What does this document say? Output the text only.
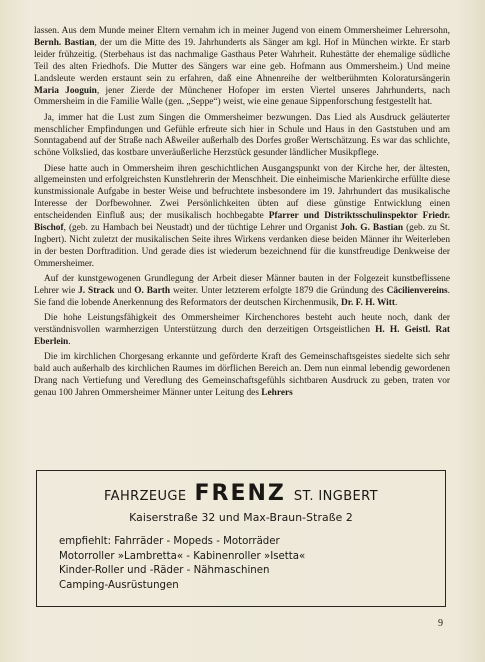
lassen. Aus dem Munde meiner Eltern vernahm ich in meiner Jugend von einem Ommersheimer Lehrersohn, Bernh. Bastian, der um die Mitte des 19. Jahrhunderts als Sänger am kgl. Hof in München wirkte. Er starb leider frühzeitig. (Sterbehaus ist das nachmalige Gasthaus Peter Wahrheit. Ruhestätte der ehemalige südliche Teil des alten Friedhofs. Die Mutter des Sängers war eine geb. Hofmann aus Ommersheim.) Und meine Landsleute werden erstaunt sein zu erfahren, daß eine Ahnenreihe der weltberühmten Koloratursängerin Maria Jooguin, jener Zierde der Münchener Hofoper im ersten Viertel unseres Jahrhunderts, nach Ommersheim in die Familie Walle (gen. „Seppe“) weist, wie eine genaue Sippenforschung festgestellt hat.

Ja, immer hat die Lust zum Singen die Ommersheimer bezwungen. Das Lied als Ausdruck geläuterter menschlicher Empfindungen und Gefühle erfreute sich hier in Schule und Haus in den Gaststuben und am Sonntagabend auf der Straße nach Aßweiler außerhalb des Dorfes großer Wertschätzung. Es war das schlichte, schöne Volkslied, das kostbare unveräußerliche Herzstück gesunder ländlicher Musikpflege.

Diese hatte auch in Ommersheim ihren geschichtlichen Ausgangspunkt von der Kirche her, der ältesten, allgemeinsten und erfolgreichsten Kunstlehrerin der Menschheit. Die einheimische Marienkirche erfüllte diese kunstmissionale Aufgabe in bester Weise und befruchtete insbesondere im 19. Jahrhundert das musikalische Interesse der Dorfbewohner. Zwei Persönlichkeiten übten auf diese günstige Entwicklung einen entscheidenden Einfluß aus; der musikalisch hochbegabte Pfarrer und Distriktsschulinspektor Friedr. Bischof, (geb. zu Hambach bei Neustadt) und der tüchtige Lehrer und Organist Joh. G. Bastian (geb. zu St. Ingbert). Nicht zuletzt der musikalischen Seite ihres Wirkens verdanken diese beiden Männer ihr Weiterleben in der besten Dorftradition. Und gerade dies ist wiederum bezeichnend für die kunstfreudige Denkweise der Ommersheimer.

Auf der kunstgewogenen Grundlegung der Arbeit dieser Männer bauten in der Folgezeit kunstbeflissene Lehrer wie J. Strack und O. Barth weiter. Unter letzterem erfolgte 1879 die Gründung des Cäcilienvereins. Sie fand die lobende Anerkennung des Reformators der deutschen Kirchenmusik, Dr. F. H. Witt.

Die hohe Leistungsfähigkeit des Ommersheimer Kirchenchores besteht auch heute noch, dank der verständnisvollen warmherzigen Unterstützung durch den derzeitigen Ortsgeistlichen H. H. Geistl. Rat Eberlein.

Die im kirchlichen Chorgesang erkannte und geförderte Kraft des Gemeinschaftsgeistes siedelte sich sehr bald auch außerhalb des kirchlichen Raumes im dörflichen Bereich an. Dem nun einmal lebendig gewordenen Drang nach Vertiefung und Veredlung des Gemeinschaftsgefühls sichtbaren Ausdruck zu geben, traten vor genau 100 Jahren Ommersheimer Männer unter Leitung des Lehrers

FAHRZEUGE FRENZ ST. INGBERT
Kaiserstraße 32 und Max-Braun-Straße 2
empfiehlt: Fahrräder - Mopeds - Motorräder
Motorroller »Lambretta« - Kabinenroller »Isetta«
Kinder-Roller und -Räder - Nähmaschinen
Camping-Ausrüstungen
9
